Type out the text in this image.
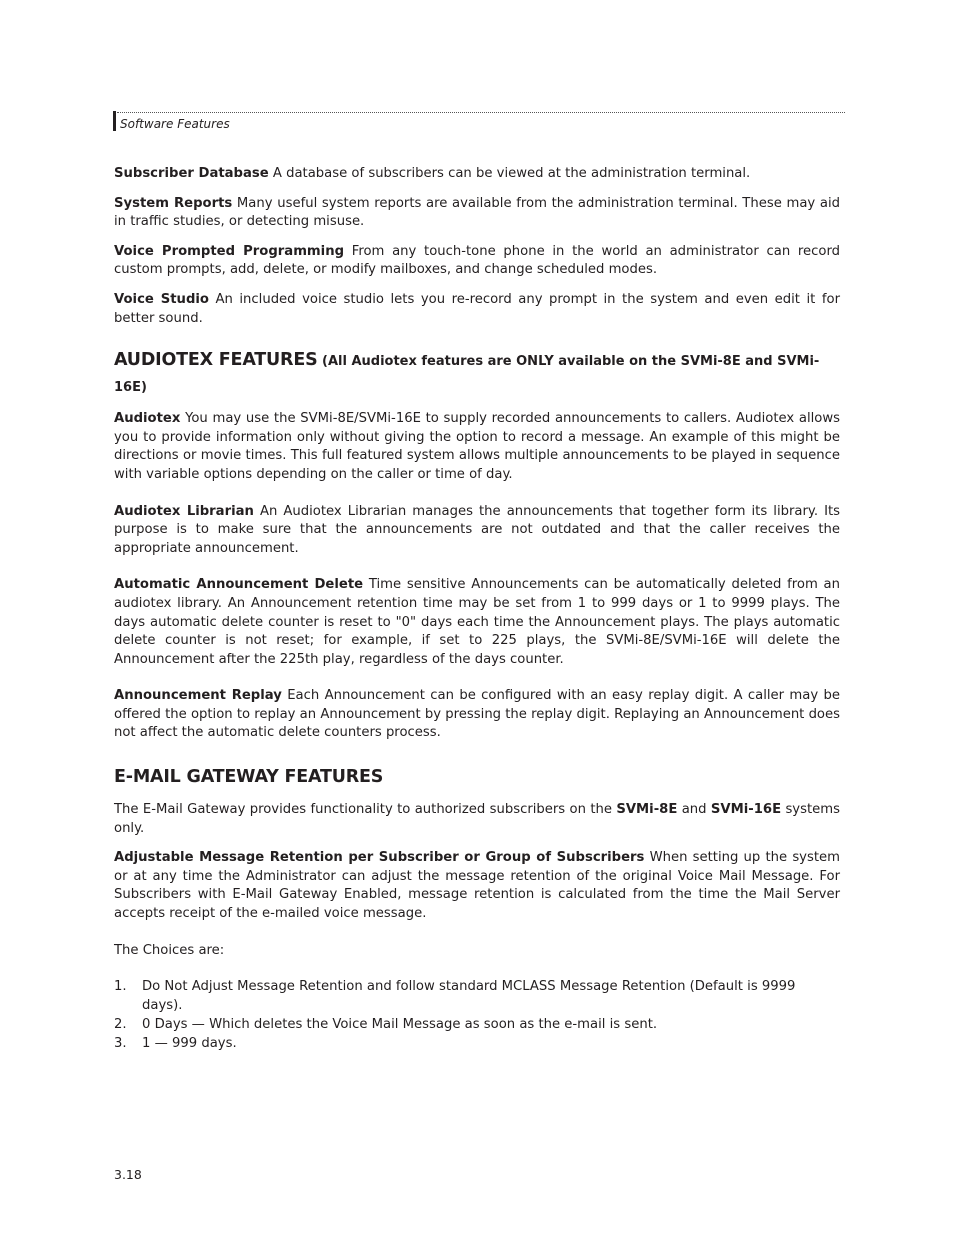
Software Features

Subscriber Database A database of subscribers can be viewed at the administration terminal.

System Reports Many useful system reports are available from the administration terminal. These may aid in traffic studies, or detecting misuse.

Voice Prompted Programming From any touch-tone phone in the world an administrator can record custom prompts, add, delete, or modify mailboxes, and change scheduled modes.

Voice Studio An included voice studio lets you re-record any prompt in the system and even edit it for better sound.

AUDIOTEX FEATURES (All Audiotex features are ONLY available on the SVMi-8E and SVMi-16E)

Audiotex You may use the SVMi-8E/SVMi-16E to supply recorded announcements to callers. Audiotex allows you to provide information only without giving the option to record a message. An example of this might be directions or movie times. This full featured system allows multiple announcements to be played in sequence with variable options depending on the caller or time of day.

Audiotex Librarian An Audiotex Librarian manages the announcements that together form its library. Its purpose is to make sure that the announcements are not outdated and that the caller receives the appropriate announcement.

Automatic Announcement Delete Time sensitive Announcements can be automatically deleted from an audiotex library. An Announcement retention time may be set from 1 to 999 days or 1 to 9999 plays. The days automatic delete counter is reset to "0" days each time the Announcement plays. The plays automatic delete counter is not reset; for example, if set to 225 plays, the SVMi-8E/SVMi-16E will delete the Announcement after the 225th play, regardless of the days counter.

Announcement Replay Each Announcement can be configured with an easy replay digit. A caller may be offered the option to replay an Announcement by pressing the replay digit. Replaying an Announcement does not affect the automatic delete counters process.

E-MAIL GATEWAY FEATURES

The E-Mail Gateway provides functionality to authorized subscribers on the SVMi-8E and SVMi-16E systems only.

Adjustable Message Retention per Subscriber or Group of Subscribers When setting up the system or at any time the Administrator can adjust the message retention of the original Voice Mail Message. For Subscribers with E-Mail Gateway Enabled, message retention is calculated from the time the Mail Server accepts receipt of the e-mailed voice message.

The Choices are:

1. Do Not Adjust Message Retention and follow standard MCLASS Message Retention (Default is 9999 days).
2. 0 Days — Which deletes the Voice Mail Message as soon as the e-mail is sent.
3. 1 — 999 days.
3.18
